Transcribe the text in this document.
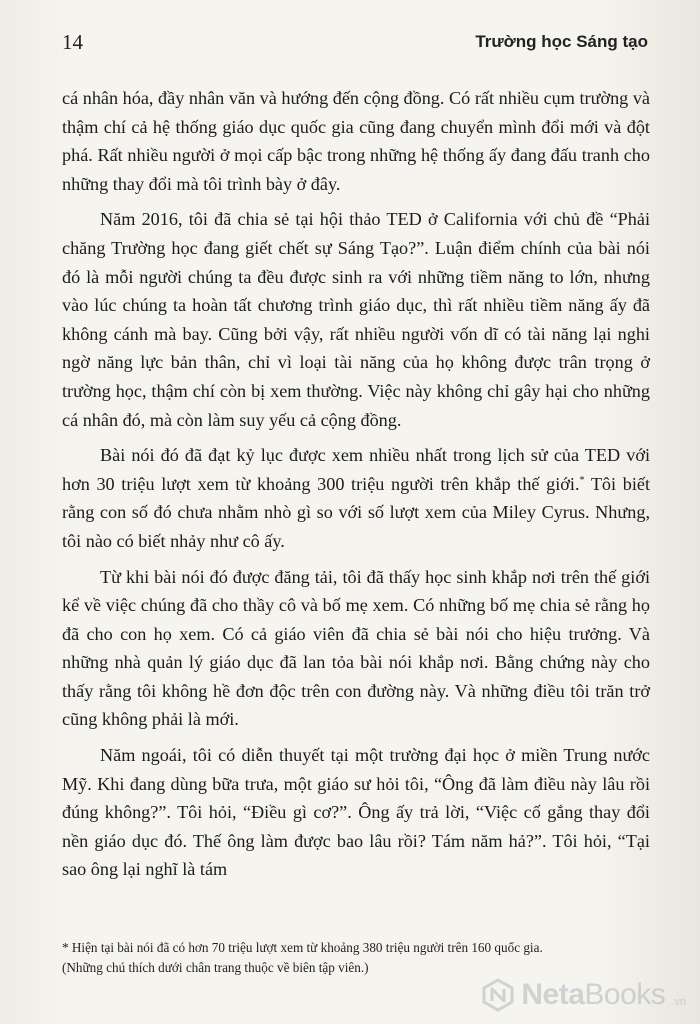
14	Trường học Sáng tạo

cá nhân hóa, đầy nhân văn và hướng đến cộng đồng. Có rất nhiều cụm trường và thậm chí cả hệ thống giáo dục quốc gia cũng đang chuyển mình đổi mới và đột phá. Rất nhiều người ở mọi cấp bậc trong những hệ thống ấy đang đấu tranh cho những thay đổi mà tôi trình bày ở đây.

Năm 2016, tôi đã chia sẻ tại hội thảo TED ở California với chủ đề “Phải chăng Trường học đang giết chết sự Sáng Tạo?”. Luận điểm chính của bài nói đó là mỗi người chúng ta đều được sinh ra với những tiềm năng to lớn, nhưng vào lúc chúng ta hoàn tất chương trình giáo dục, thì rất nhiều tiềm năng ấy đã không cánh mà bay. Cũng bởi vậy, rất nhiều người vốn dĩ có tài năng lại nghi ngờ năng lực bản thân, chỉ vì loại tài năng của họ không được trân trọng ở trường học, thậm chí còn bị xem thường. Việc này không chỉ gây hại cho những cá nhân đó, mà còn làm suy yếu cả cộng đồng.

Bài nói đó đã đạt kỷ lục được xem nhiều nhất trong lịch sử của TED với hơn 30 triệu lượt xem từ khoảng 300 triệu người trên khắp thế giới.* Tôi biết rằng con số đó chưa nhằm nhò gì so với số lượt xem của Miley Cyrus. Nhưng, tôi nào có biết nhảy như cô ấy.

Từ khi bài nói đó được đăng tải, tôi đã thấy học sinh khắp nơi trên thế giới kể về việc chúng đã cho thầy cô và bố mẹ xem. Có những bố mẹ chia sẻ rằng họ đã cho con họ xem. Có cả giáo viên đã chia sẻ bài nói cho hiệu trưởng. Và những nhà quản lý giáo dục đã lan tỏa bài nói khắp nơi. Bằng chứng này cho thấy rằng tôi không hề đơn độc trên con đường này. Và những điều tôi trăn trở cũng không phải là mới.

Năm ngoái, tôi có diễn thuyết tại một trường đại học ở miền Trung nước Mỹ. Khi đang dùng bữa trưa, một giáo sư hỏi tôi, “Ông đã làm điều này lâu rồi đúng không?”. Tôi hỏi, “Điều gì cơ?”. Ông ấy trả lời, “Việc cố gắng thay đổi nền giáo dục đó. Thế ông làm được bao lâu rồi? Tám năm hả?”. Tôi hỏi, “Tại sao ông lại nghĩ là tám

* Hiện tại bài nói đã có hơn 70 triệu lượt xem từ khoảng 380 triệu người trên 160 quốc gia.

(Những chú thích dưới chân trang thuộc về biên tập viên.)

NetaBooks .vn
